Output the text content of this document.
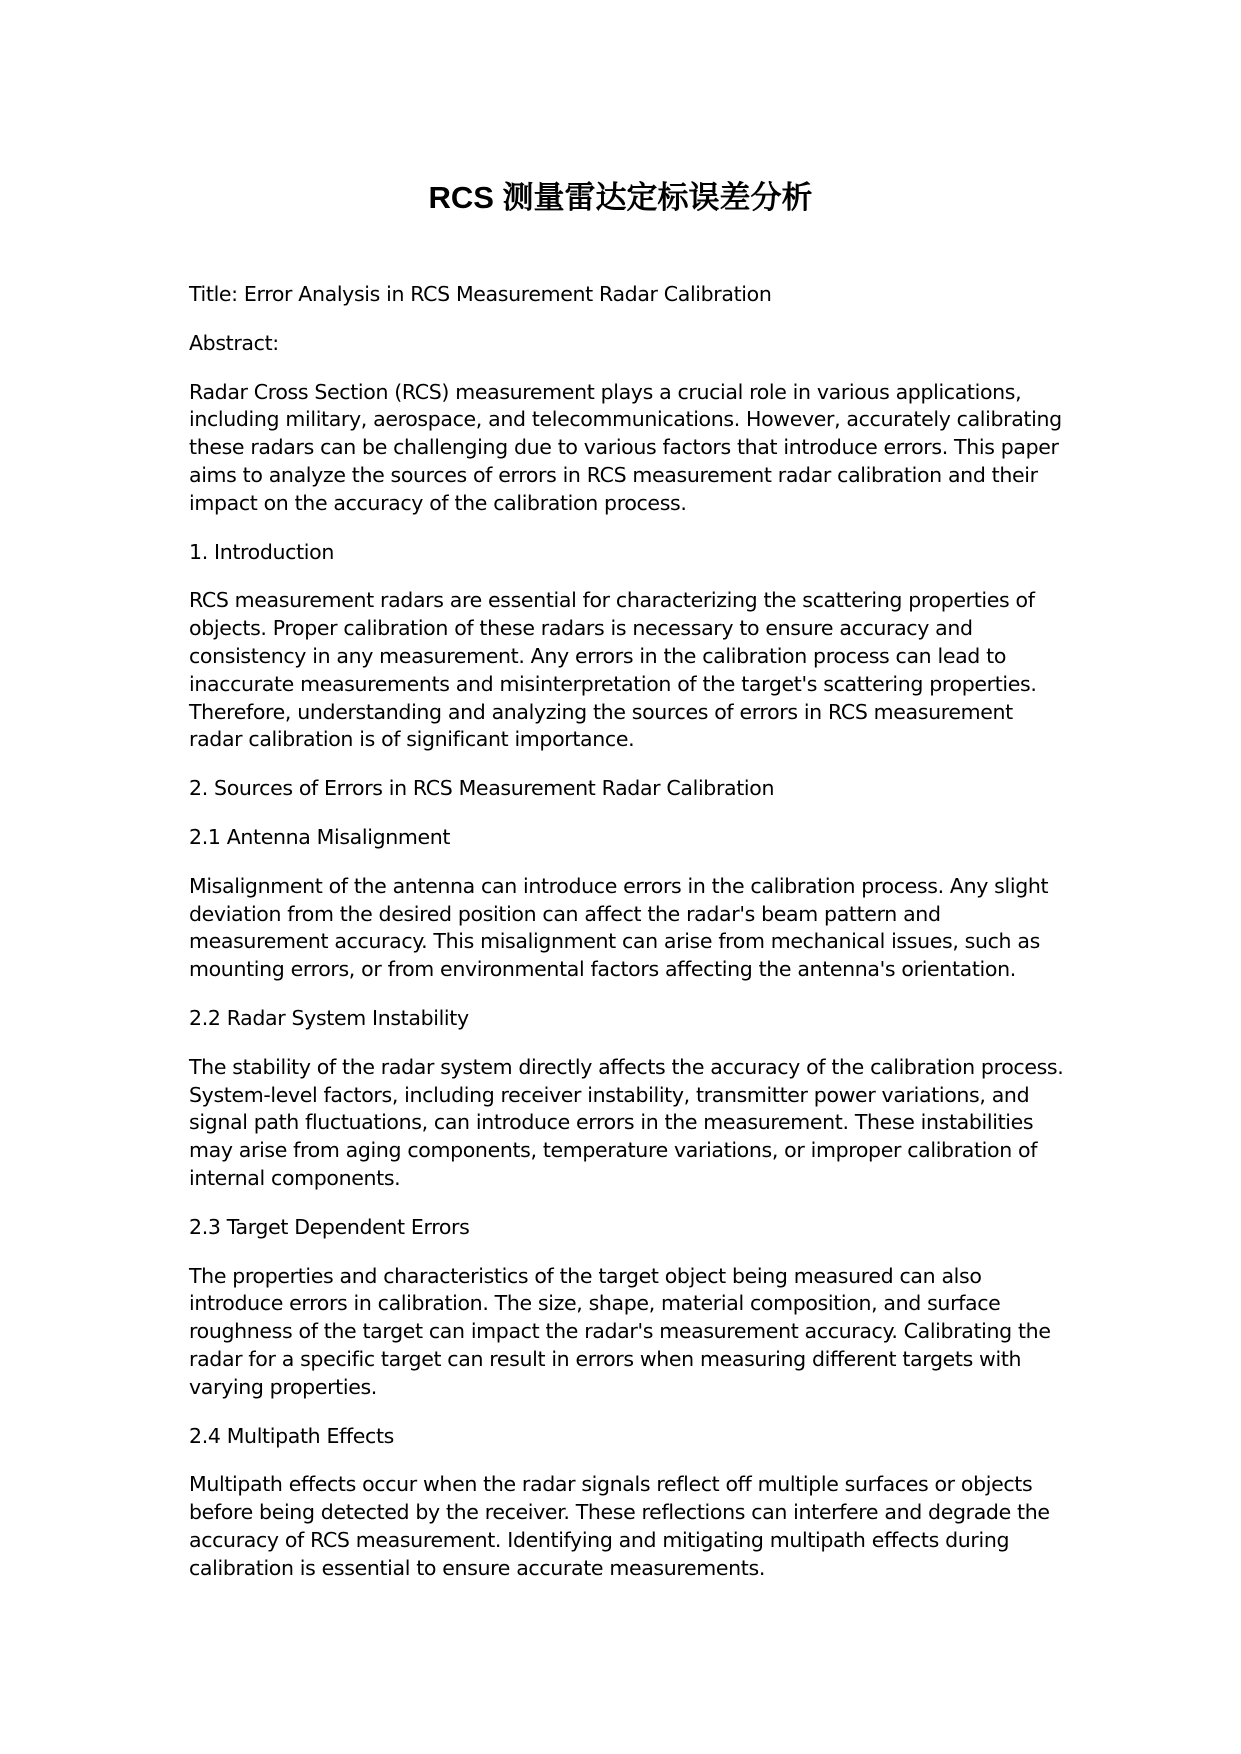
RCS 测量雷达定标误差分析

Title: Error Analysis in RCS Measurement Radar Calibration

Abstract:

Radar Cross Section (RCS) measurement plays a crucial role in various applications, including military, aerospace, and telecommunications. However, accurately calibrating these radars can be challenging due to various factors that introduce errors. This paper aims to analyze the sources of errors in RCS measurement radar calibration and their impact on the accuracy of the calibration process.

1. Introduction

RCS measurement radars are essential for characterizing the scattering properties of objects. Proper calibration of these radars is necessary to ensure accuracy and consistency in any measurement. Any errors in the calibration process can lead to inaccurate measurements and misinterpretation of the target's scattering properties. Therefore, understanding and analyzing the sources of errors in RCS measurement radar calibration is of significant importance.

2. Sources of Errors in RCS Measurement Radar Calibration

2.1 Antenna Misalignment

Misalignment of the antenna can introduce errors in the calibration process. Any slight deviation from the desired position can affect the radar's beam pattern and measurement accuracy. This misalignment can arise from mechanical issues, such as mounting errors, or from environmental factors affecting the antenna's orientation.

2.2 Radar System Instability

The stability of the radar system directly affects the accuracy of the calibration process. System-level factors, including receiver instability, transmitter power variations, and signal path fluctuations, can introduce errors in the measurement. These instabilities may arise from aging components, temperature variations, or improper calibration of internal components.

2.3 Target Dependent Errors

The properties and characteristics of the target object being measured can also introduce errors in calibration. The size, shape, material composition, and surface roughness of the target can impact the radar's measurement accuracy. Calibrating the radar for a specific target can result in errors when measuring different targets with varying properties.

2.4 Multipath Effects

Multipath effects occur when the radar signals reflect off multiple surfaces or objects before being detected by the receiver. These reflections can interfere and degrade the accuracy of RCS measurement. Identifying and mitigating multipath effects during calibration is essential to ensure accurate measurements.
